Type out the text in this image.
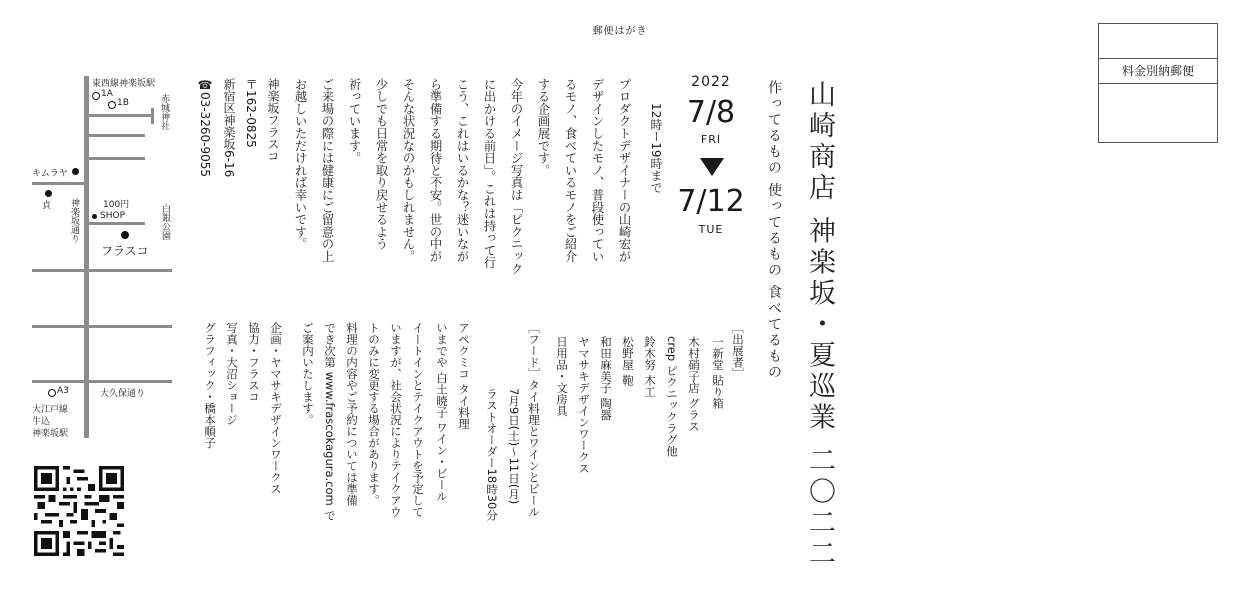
郵便はがき
料金別納郵便
山崎商店 神楽坂・夏巡業 二〇二二
作ってるもの 使ってるもの 食べてるもの
2022
7/8
FRI
7/12
TUE
12時ー19時まで
プロダクトデザイナーの山崎宏が
デザインしたモノ、普段使ってい
るモノ、食べているモノをご紹介
する企画展です。
今年のイメージ写真は「ピクニック
に出かける前日」。これは持って行
こう、これはいるかな？迷いなが
ら準備する期待と不安。世の中が
そんな状況なのかもしれません。
少しでも日常を取り戻せるよう
祈っています。
ご来場の際には健康にご留意の上
お越しいただければ幸いです。
［出展者］
一新堂 貼り箱
木村硝子店 グラス
crep ピクニックラグ他
鈴木努 木工
松野屋 鞄
和田麻美子 陶器
ヤマサキデザインワークス
日用品・文房具
［フード］タイ料理とワインとビール
7月9日(土)〜11日(月)
ラストオーダー18時30分
アペクミコ タイ料理
いまでや 白土暁子 ワイン・ビール
イートインとテイクアウトを予定して
いますが、社会状況によりテイクアウ
トのみに変更する場合があります。
料理の内容やご予約については準備
でき次第 www.frascokagura.com で
ご案内いたします。
企画・ヤマサキデザインワークス
協力・フラスコ
写真・大沼ショージ
グラフィック・橋本順子
神楽坂フラスコ
〒162-0825
新宿区神楽坂6-16
☎03-3260-9055
東西線神楽坂駅
1A
1B	赤城神社
キムラヤ
貞 神楽坂通り	100円 SHOP	白銀公園
フラスコ
A3	大久保通り
大江戸線
牛込
神楽坂駅
